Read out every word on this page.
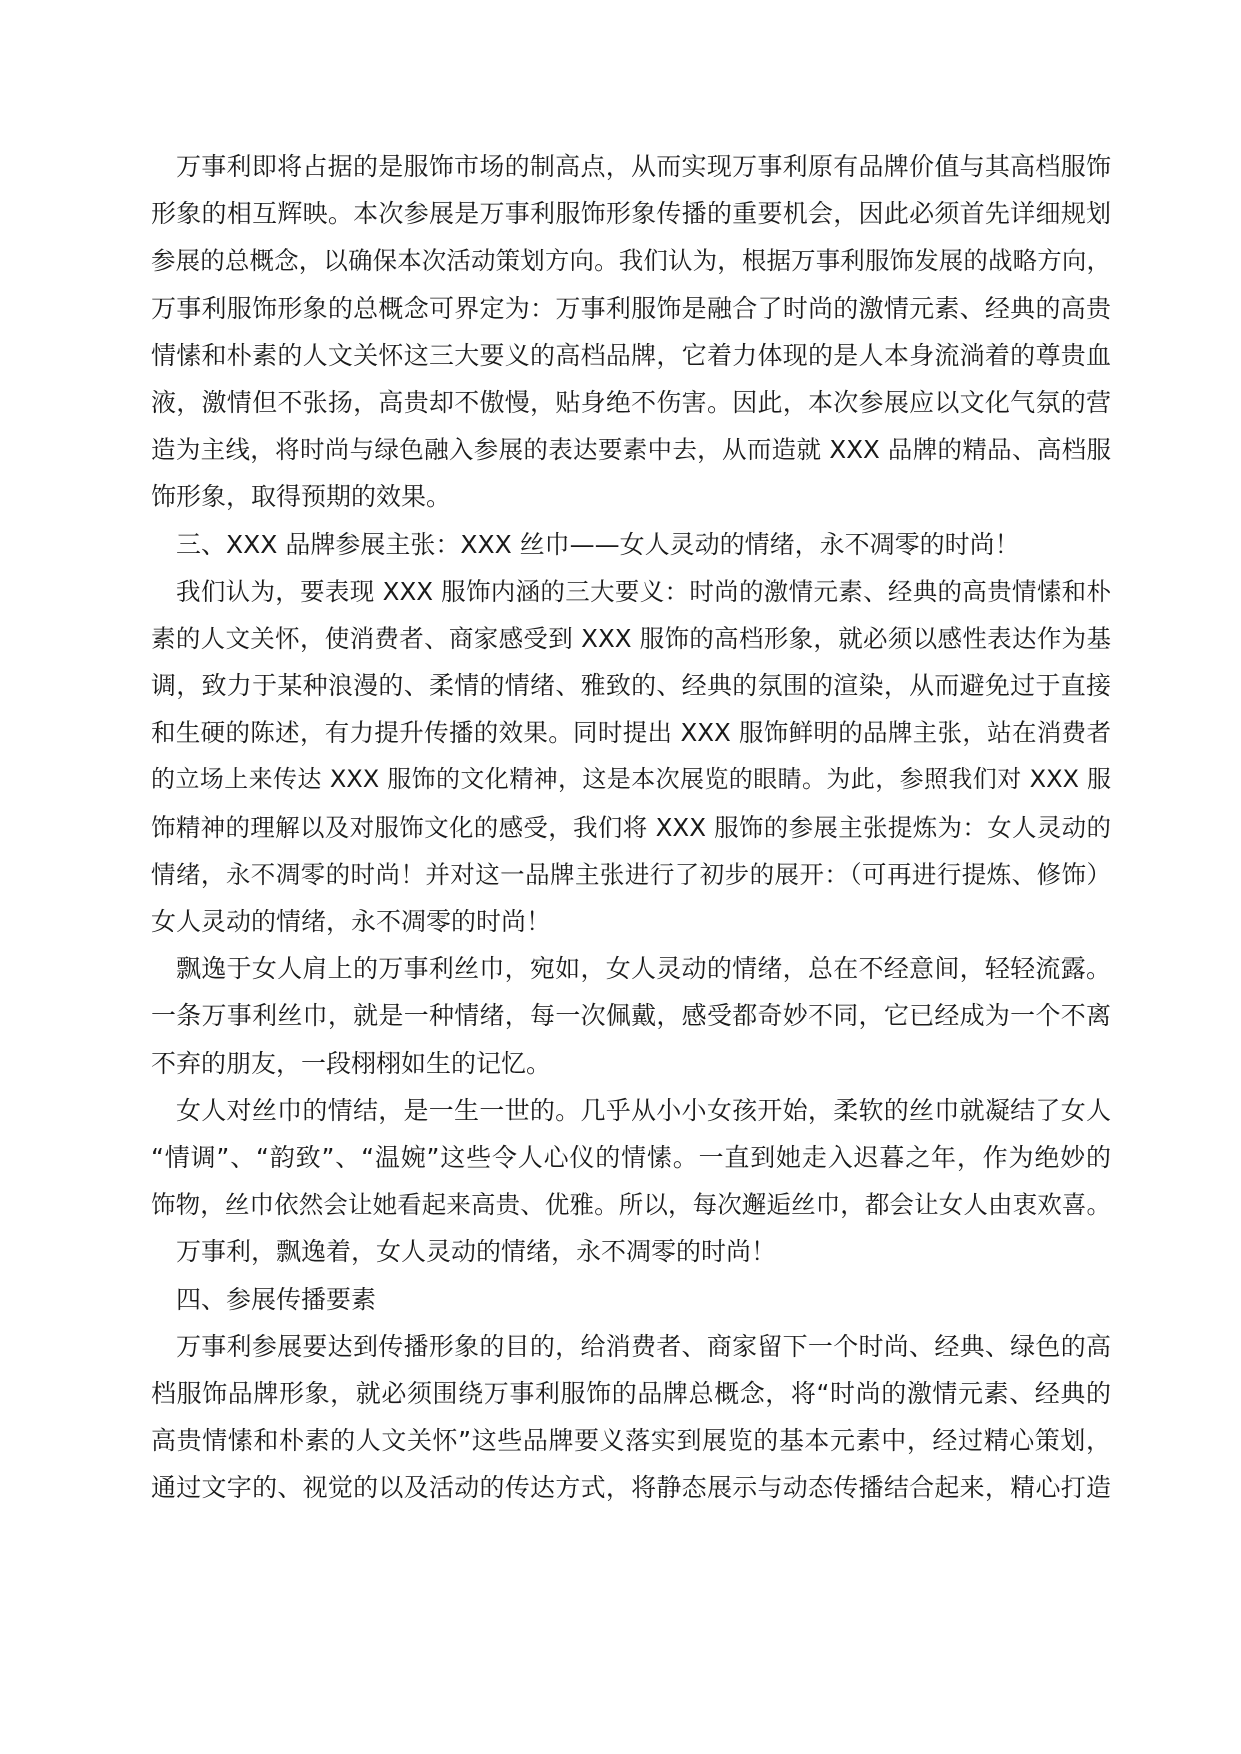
万事利即将占据的是服饰市场的制高点，从而实现万事利原有品牌价值与其高档服饰
形象的相互辉映。本次参展是万事利服饰形象传播的重要机会，因此必须首先详细规划
参展的总概念，以确保本次活动策划方向。我们认为，根据万事利服饰发展的战略方向，
万事利服饰形象的总概念可界定为：万事利服饰是融合了时尚的激情元素、经典的高贵
情愫和朴素的人文关怀这三大要义的高档品牌，它着力体现的是人本身流淌着的尊贵血
液，激情但不张扬，高贵却不傲慢，贴身绝不伤害。因此，本次参展应以文化气氛的营
造为主线，将时尚与绿色融入参展的表达要素中去，从而造就 XXX 品牌的精品、高档服
饰形象，取得预期的效果。
三、XXX 品牌参展主张：XXX 丝巾——女人灵动的情绪，永不凋零的时尚！
我们认为，要表现 XXX 服饰内涵的三大要义：时尚的激情元素、经典的高贵情愫和朴
素的人文关怀，使消费者、商家感受到 XXX 服饰的高档形象，就必须以感性表达作为基
调，致力于某种浪漫的、柔情的情绪、雅致的、经典的氛围的渲染，从而避免过于直接
和生硬的陈述，有力提升传播的效果。同时提出 XXX 服饰鲜明的品牌主张，站在消费者
的立场上来传达 XXX 服饰的文化精神，这是本次展览的眼睛。为此，参照我们对 XXX 服
饰精神的理解以及对服饰文化的感受，我们将 XXX 服饰的参展主张提炼为：女人灵动的
情绪，永不凋零的时尚！并对这一品牌主张进行了初步的展开：（可再进行提炼、修饰）
女人灵动的情绪，永不凋零的时尚！
飘逸于女人肩上的万事利丝巾，宛如，女人灵动的情绪，总在不经意间，轻轻流露。
一条万事利丝巾，就是一种情绪，每一次佩戴，感受都奇妙不同，它已经成为一个不离
不弃的朋友，一段栩栩如生的记忆。
女人对丝巾的情结，是一生一世的。几乎从小小女孩开始，柔软的丝巾就凝结了女人
“情调”、“韵致”、“温婉”这些令人心仪的情愫。一直到她走入迟暮之年，作为绝妙的
饰物，丝巾依然会让她看起来高贵、优雅。所以，每次邂逅丝巾，都会让女人由衷欢喜。
万事利，飘逸着，女人灵动的情绪，永不凋零的时尚！
四、参展传播要素
万事利参展要达到传播形象的目的，给消费者、商家留下一个时尚、经典、绿色的高
档服饰品牌形象，就必须围绕万事利服饰的品牌总概念，将“时尚的激情元素、经典的
高贵情愫和朴素的人文关怀”这些品牌要义落实到展览的基本元素中，经过精心策划，
通过文字的、视觉的以及活动的传达方式，将静态展示与动态传播结合起来，精心打造
